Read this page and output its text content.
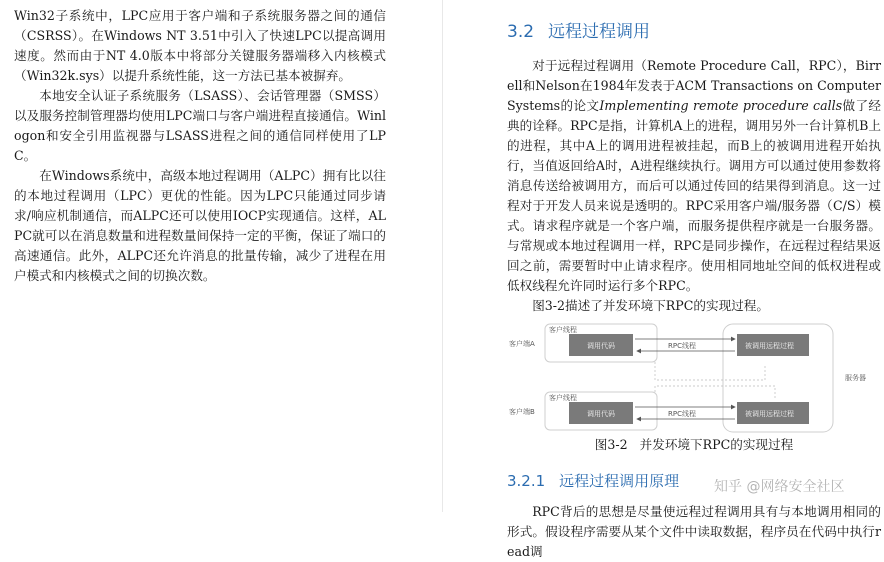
Win32子系统中，LPC应用于客户端和子系统服务器之间的通信（CSRSS）。在Windows NT 3.51中引入了快速LPC以提高调用速度。然而由于NT 4.0版本中将部分关键服务器端移入内核模式（Win32k.sys）以提升系统性能，这一方法已基本被摒弃。

本地安全认证子系统服务（LSASS）、会话管理器（SMSS）以及服务控制管理器均使用LPC端口与客户端进程直接通信。Winlogon和安全引用监视器与LSASS进程之间的通信同样使用了LPC。

在Windows系统中，高级本地过程调用（ALPC）拥有比以往的本地过程调用（LPC）更优的性能。因为LPC只能通过同步请求/响应机制通信，而ALPC还可以使用IOCP实现通信。这样，ALPC就可以在消息数量和进程数量间保持一定的平衡，保证了端口的高速通信。此外，ALPC还允许消息的批量传输，减少了进程在用户模式和内核模式之间的切换次数。

3.2 远程过程调用

对于远程过程调用（Remote Procedure Call，RPC），Birrell和Nelson在1984年发表于ACM Transactions on Computer Systems的论文Implementing remote procedure calls做了经典的诠释。RPC是指，计算机A上的进程，调用另外一台计算机B上的进程，其中A上的调用进程被挂起，而B上的被调用进程开始执行，当值返回给A时，A进程继续执行。调用方可以通过使用参数将消息传送给被调用方，而后可以通过传回的结果得到消息。这一过程对于开发人员来说是透明的。RPC采用客户端/服务器（C/S）模式。请求程序就是一个客户端，而服务提供程序就是一台服务器。与常规或本地过程调用一样，RPC是同步操作，在远程过程结果返回之前，需要暂时中止请求程序。使用相同地址空间的低权进程或低权线程允许同时运行多个RPC。

图3-2描述了并发环境下RPC的实现过程。

客户端A
客户端B
客户线程
客户线程
调用代码
调用代码
被调用远程过程
被调用远程过程
RPC线程
RPC线程
服务器

图3-2 并发环境下RPC的实现过程

3.2.1 远程过程调用原理

RPC背后的思想是尽量使远程过程调用具有与本地调用相同的形式。假设程序需要从某个文件中读取数据，程序员在代码中执行read调

知乎 @网络安全社区
